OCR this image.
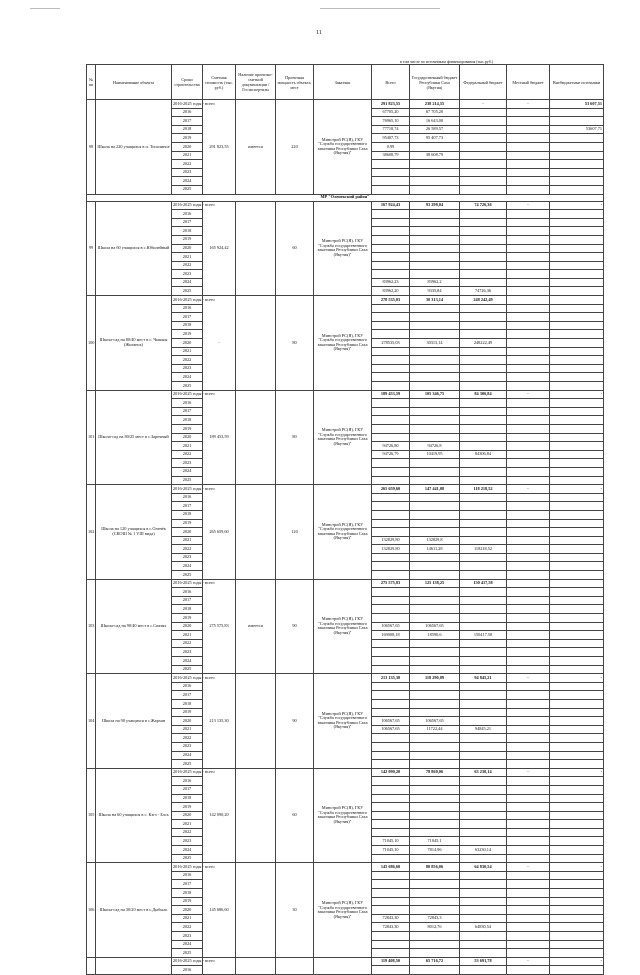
11
в том числе по источникам финансирования (тыс.руб.)
№ пп	Наименование объекта	Сроки строительства	Сметная стоимость (тыс. руб.)	Наличие проектно-сметной документации /Госэкспертизы	Проектная мощность объекта, мест	Заказчик	Всего	Государственный бюджет Республики Саха (Якутия)	Федеральный бюджет	Местный бюджет	Внебюджетные источники
98	Школа на 220 учащихся в п. Тополиное	2016-2025 годы - всего	291 823,55	имеется	220	Минстрой РС(Я), ГКУ "Служба государственного заказчика Республики Саха (Якутия)"	291 823,55	238 214,55	-	-	53 607,51
		2016					67705,20	67 705,20			
		2017					76965,10	16 643,00			
		2018					77718,74	26 589,57			53607,71
		2019					95407,73	95 407,73			
		2020					0,99				
		2021					38608,79	38 608,79			
		2022									
		2023									
		2024									
		2025									
МР "Оленекский район"											
99	Школа на 60 учащихся в с.Юбилейный	2016-2025 годы - всего	165 924,42		60	Минстрой РС(Я), ГКУ "Служба государственного заказчика Республики Саха (Якутия)"	167 924,43	93 298,04	74 726,36	-	-
		2016									
		2017									
		2018									
		2019									
		2020									
		2021									
		2022									
		2023									
		2024					83962,23	83962,2			
		2025					83962,20	9335,84	74726,36		
100	Школа-сад на 80/40 мест в с. Чышкы (Жиганск)	2016-2025 годы - всего	-		80	Минстрой РС(Я), ГКУ "Служба государственного заказчика Республики Саха (Якутия)"	278 535,03	30 313,14	248 242,49		
		2016									
		2017									
		2018									
		2019									
		2020					278535,03	30313,14	248222,49		
		2021									
		2022									
		2023									
		2024									
		2025									
101	Школа-сад на 80/25 мест в с.Заречный	2016-2025 годы - всего	189 453,59		80	Минстрой РС(Я), ГКУ "Служба государственного заказчика Республики Саха (Якутия)"	189 453,59	105 346,75	84 306,84	-	-
		2016									
		2017									
		2018									
		2019									
		2020									
		2021					94726,80	94726,8			
		2022					94726,79	10419,95	84306,84		
		2023									
		2024									
		2025									
102	Школа на 120 учащихся в с.Оленёк (СКОШ № 1 VIII вида)	2016-2025 годы - всего	265 659,60		120	Минстрой РС(Я), ГКУ "Служба государственного заказчика Республики Саха (Якутия)"	265 659,60	147 441,08	118 218,52	-	-
		2016									
		2017									
		2018									
		2019									
		2020									
		2021					132829,80	132829,8			
		2022					132829,80	14611,28	118218,52		
		2023									
		2024									
		2025									
103	Школа-сад на 90/40 мест в с.Сиктях	2016-2025 годы - всего	275 575,83	имеется	90	Минстрой РС(Я), ГКУ "Служба государственного заказчика Республики Саха (Якутия)"	275 575,83	125 158,25	150 417,58		
		2016									
		2017									
		2018									
		2019									
		2020					106567,65	106567,65			
		2021					169008,18	18590,6	150417,58		
		2022									
		2023									
		2024									
		2025									
104	Школа на 90 учащихся в с.Жархан	2016-2025 годы - всего	213 135,30		90	Минстрой РС(Я), ГКУ "Служба государственного заказчика Республики Саха (Якутия)"	213 135,30	118 290,09	94 845,21	-	-
		2016									
		2017									
		2018									
		2019									
		2020					106567,65	106567,65			
		2021					106567,65	11722,44	94845,21		
		2022									
		2023									
		2024									
		2025									
105	Школа на 60 учащихся в с. Кэгэ - Бэсь	2016-2025 годы - всего	142 090,20		60	Минстрой РС(Я), ГКУ "Служба государственного заказчика Республики Саха (Якутия)"	142 090,20	78 860,06	63 230,14	-	-
		2016									
		2017									
		2018									
		2019									
		2020									
		2021									
		2022									
		2023					71045,10	71045,1			
		2024					71045,10	7814,96	63230,14		
		2025									
106	Школа-сад на 30/20 мест в с.Дыбыль	2016-2025 годы - всего	145 686,60		30	Минстрой РС(Я), ГКУ "Служба государственного заказчика Республики Саха (Якутия)"	145 686,60	80 856,06	64 830,54	-	-
		2016									
		2017									
		2018									
		2019									
		2020									
		2021					72843,30	72843,3			
		2022					72843,30	8012,76	64830,54		
		2023									
		2024									
		2025									
		2016-2025 годы - всего					119 408,50	65 716,72	53 691,78	-	-
		2016									
